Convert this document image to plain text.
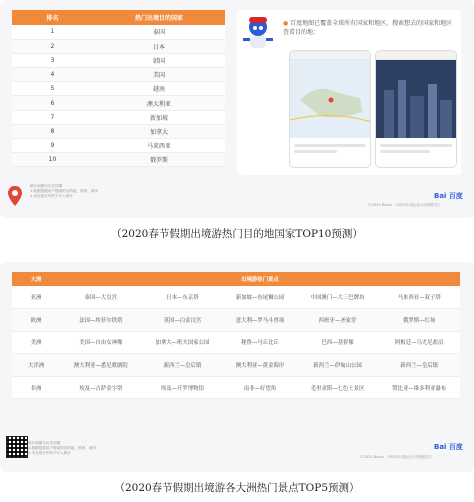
排名	热门出境目的国家
1	泰国
2	日本
3	韩国
4	美国
5	越南
6	澳大利亚
7	新加坡
8	加拿大
9	马来西亚
10	俄罗斯
● 百度地图已覆盖全球所有国家和地区，搜索想去的国家和地区查看目的地：
统计周期为历史同期
1.数据根据用户搜索的目的地、国家、城市
2.未在统计中的不计入统计	Bai 百度
©2020 Baidu 《2020年春运出行预测报告》
（2020春节假期出境游热门目的地国家TOP10预测）
大洲	出境游热门景点				
亚洲	泰国—大皇宫	日本—东京塔	新加坡—鱼尾狮公园	中国澳门—大三巴牌坊	马来西亚—双子塔
欧洲	法国—埃菲尔铁塔	英国—白金汉宫	意大利—罗马斗兽场	西班牙—圣家堂	俄罗斯—红场
美洲	美国—自由女神像	加拿大—班夫国家公园	秘鲁—马丘比丘	巴西—基督像	阿根廷—乌尤尼盐沼
大洋洲	澳大利亚—悉尼歌剧院	新西兰—皇后镇	澳大利亚—黄金海岸	新西兰—伊甸山公园	新西兰—皇后镇
非洲	埃及—吉萨金字塔	埃及—开罗博物馆	南非—好望角	毛里求斯—七色土景区	赞比亚—维多利亚瀑布
统计周期为历史同期
1.数据根据用户搜索的目的地、国家、城市
2.未在统计中的不计入统计
Bai 百度
©2020 Baidu 《2020年春运出行预测报告》
（2020春节假期出境游各大洲热门景点TOP5预测）
